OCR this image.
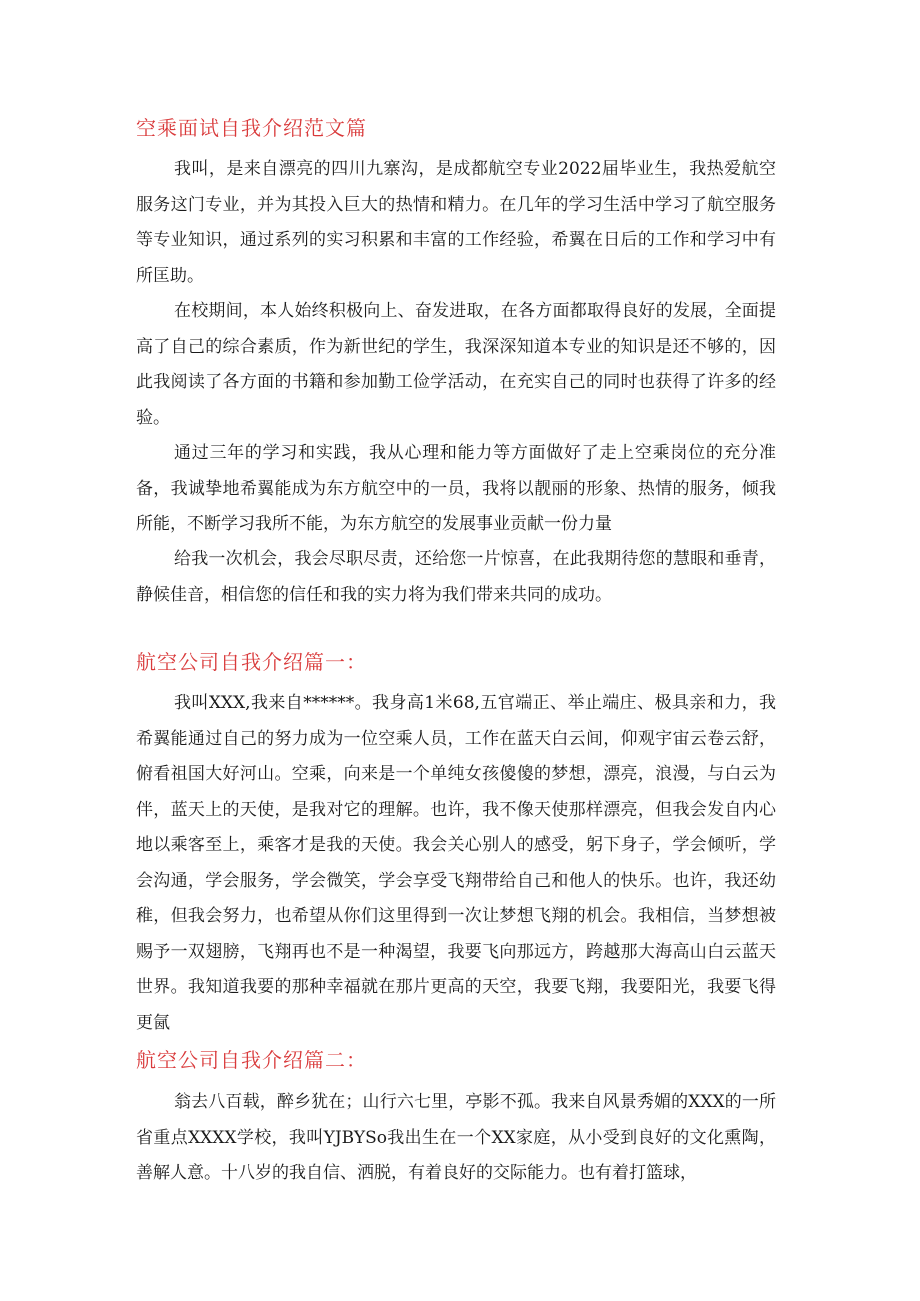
空乘面试自我介绍范文篇

我叫，是来自漂亮的四川九寨沟，是成都航空专业2022届毕业生，我热爱航空服务这门专业，并为其投入巨大的热情和精力。在几年的学习生活中学习了航空服务等专业知识，通过系列的实习积累和丰富的工作经验，希翼在日后的工作和学习中有所匡助。

在校期间，本人始终积极向上、奋发进取，在各方面都取得良好的发展，全面提高了自己的综合素质，作为新世纪的学生，我深深知道本专业的知识是还不够的，因此我阅读了各方面的书籍和参加勤工俭学活动，在充实自己的同时也获得了许多的经验。

通过三年的学习和实践，我从心理和能力等方面做好了走上空乘岗位的充分准备，我诚挚地希翼能成为东方航空中的一员，我将以靓丽的形象、热情的服务，倾我所能，不断学习我所不能，为东方航空的发展事业贡献一份力量

给我一次机会，我会尽职尽责，还给您一片惊喜，在此我期待您的慧眼和垂青，静候佳音，相信您的信任和我的实力将为我们带来共同的成功。

航空公司自我介绍篇一：

我叫XXX,我来自******。我身高1米68,五官端正、举止端庄、极具亲和力，我希翼能通过自己的努力成为一位空乘人员，工作在蓝天白云间，仰观宇宙云卷云舒，俯看祖国大好河山。空乘，向来是一个单纯女孩傻傻的梦想，漂亮，浪漫，与白云为伴，蓝天上的天使，是我对它的理解。也许，我不像天使那样漂亮，但我会发自内心地以乘客至上，乘客才是我的天使。我会关心别人的感受，躬下身子，学会倾听，学会沟通，学会服务，学会微笑，学会享受飞翔带给自己和他人的快乐。也许，我还幼稚，但我会努力，也希望从你们这里得到一次让梦想飞翔的机会。我相信，当梦想被赐予一双翅膀，飞翔再也不是一种渴望，我要飞向那远方，跨越那大海高山白云蓝天世界。我知道我要的那种幸福就在那片更高的天空，我要飞翔，我要阳光，我要飞得更氤

航空公司自我介绍篇二：

翁去八百载，醉乡犹在；山行六七里，亭影不孤。我来自风景秀媚的XXX的一所省重点XXXX学校，我叫YJBYSo我出生在一个XX家庭，从小受到良好的文化熏陶，善解人意。十八岁的我自信、洒脱，有着良好的交际能力。也有着打篮球，
